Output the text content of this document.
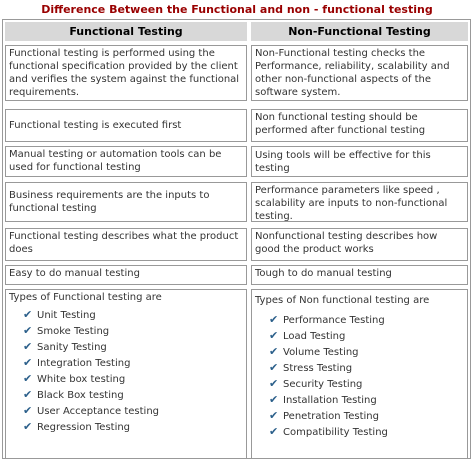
Difference Between the Functional and non - functional testing
Functional Testing	Non-Functional Testing
Functional testing is performed using the functional specification provided by the client and verifies the system against the functional requirements.
Non-Functional testing checks the Performance, reliability, scalability and other non-functional aspects of the software system.
Functional testing is executed first
Non functional testing should be performed after functional testing
Manual testing or automation tools can be used for functional testing
Using tools will be effective for this testing
Business requirements are the inputs to functional testing
Performance parameters like speed , scalability are inputs to non-functional testing.
Functional testing describes what the product does
Nonfunctional testing describes how good the product works
Easy to do manual testing	Tough to do manual testing
Types of Functional testing are
✔ Unit Testing
✔ Smoke Testing
✔ Sanity Testing
✔ Integration Testing
✔ White box testing
✔ Black Box testing
✔ User Acceptance testing
✔ Regression Testing
Types of Non functional testing are
✔ Performance Testing
✔ Load Testing
✔ Volume Testing
✔ Stress Testing
✔ Security Testing
✔ Installation Testing
✔ Penetration Testing
✔ Compatibility Testing
